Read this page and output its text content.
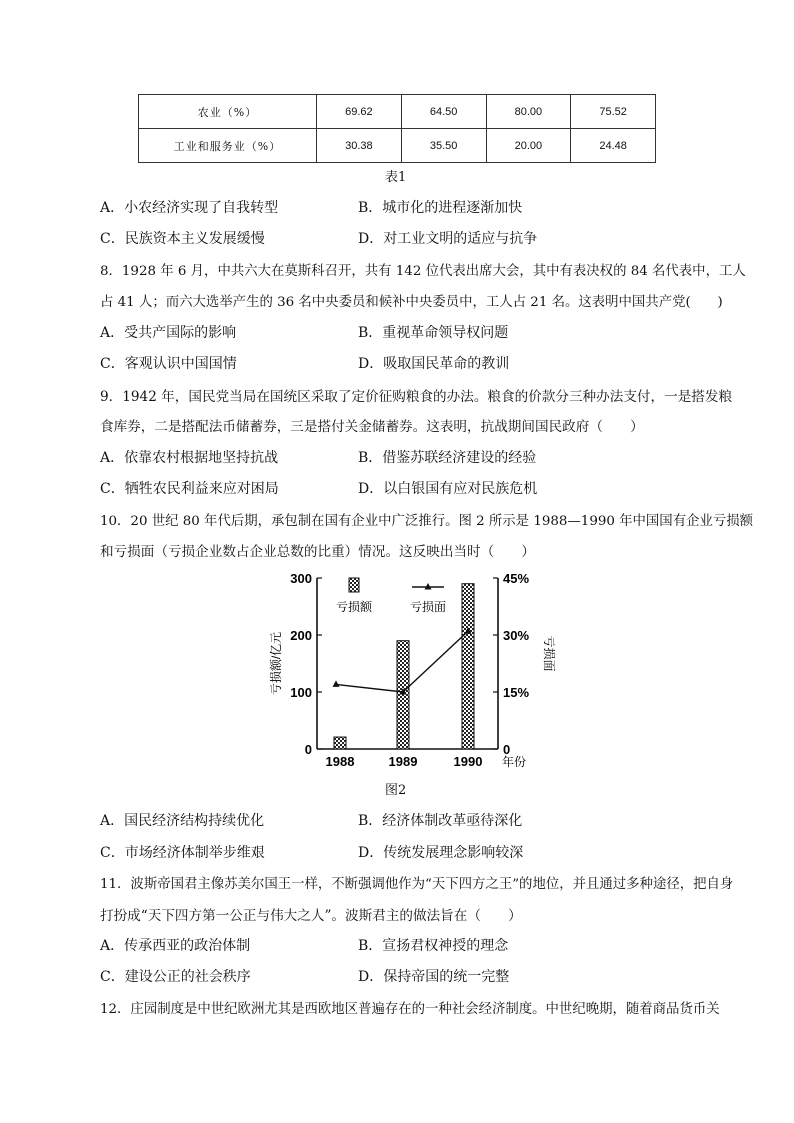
农业（%）	69.62	64.50	80.00	75.52
工业和服务业（%）	30.38	35.50	20.00	24.48
表1
A．小农经济实现了自我转型	B．城市化的进程逐渐加快
C．民族资本主义发展缓慢	D．对工业文明的适应与抗争
8．1928 年 6 月，中共六大在莫斯科召开，共有 142 位代表出席大会，其中有表决权的 84 名代表中，工人
占 41 人；而六大选举产生的 36 名中央委员和候补中央委员中，工人占 21 名。这表明中国共产党(　　)
A．受共产国际的影响	B．重视革命领导权问题
C．客观认识中国国情	D．吸取国民革命的教训
9．1942 年，国民党当局在国统区采取了定价征购粮食的办法。粮食的价款分三种办法支付，一是搭发粮
食库券，二是搭配法币储蓄券，三是搭付关金储蓄券。这表明，抗战期间国民政府（　　）
A．依靠农村根据地坚持抗战	B．借鉴苏联经济建设的经验
C．牺牲农民利益来应对困局	D．以白银国有应对民族危机
10．20 世纪 80 年代后期，承包制在国有企业中广泛推行。图 2 所示是 1988—1990 年中国国有企业亏损额
和亏损面（亏损企业数占企业总数的比重）情况。这反映出当时（　　）
0
100
200
300
0
15%
30%
45%
亏损额/亿元	亏损面
1988	1989	1990 年份
亏损额	亏损面
图2
A．国民经济结构持续优化	B．经济体制改革亟待深化
C．市场经济体制举步维艰	D．传统发展理念影响较深
11．波斯帝国君主像苏美尔国王一样，不断强调他作为“天下四方之王”的地位，并且通过多种途径，把自身
打扮成“天下四方第一公正与伟大之人”。波斯君主的做法旨在（　　）
A．传承西亚的政治体制	B．宣扬君权神授的理念
C．建设公正的社会秩序	D．保持帝国的统一完整
12．庄园制度是中世纪欧洲尤其是西欧地区普遍存在的一种社会经济制度。中世纪晚期，随着商品货币关
